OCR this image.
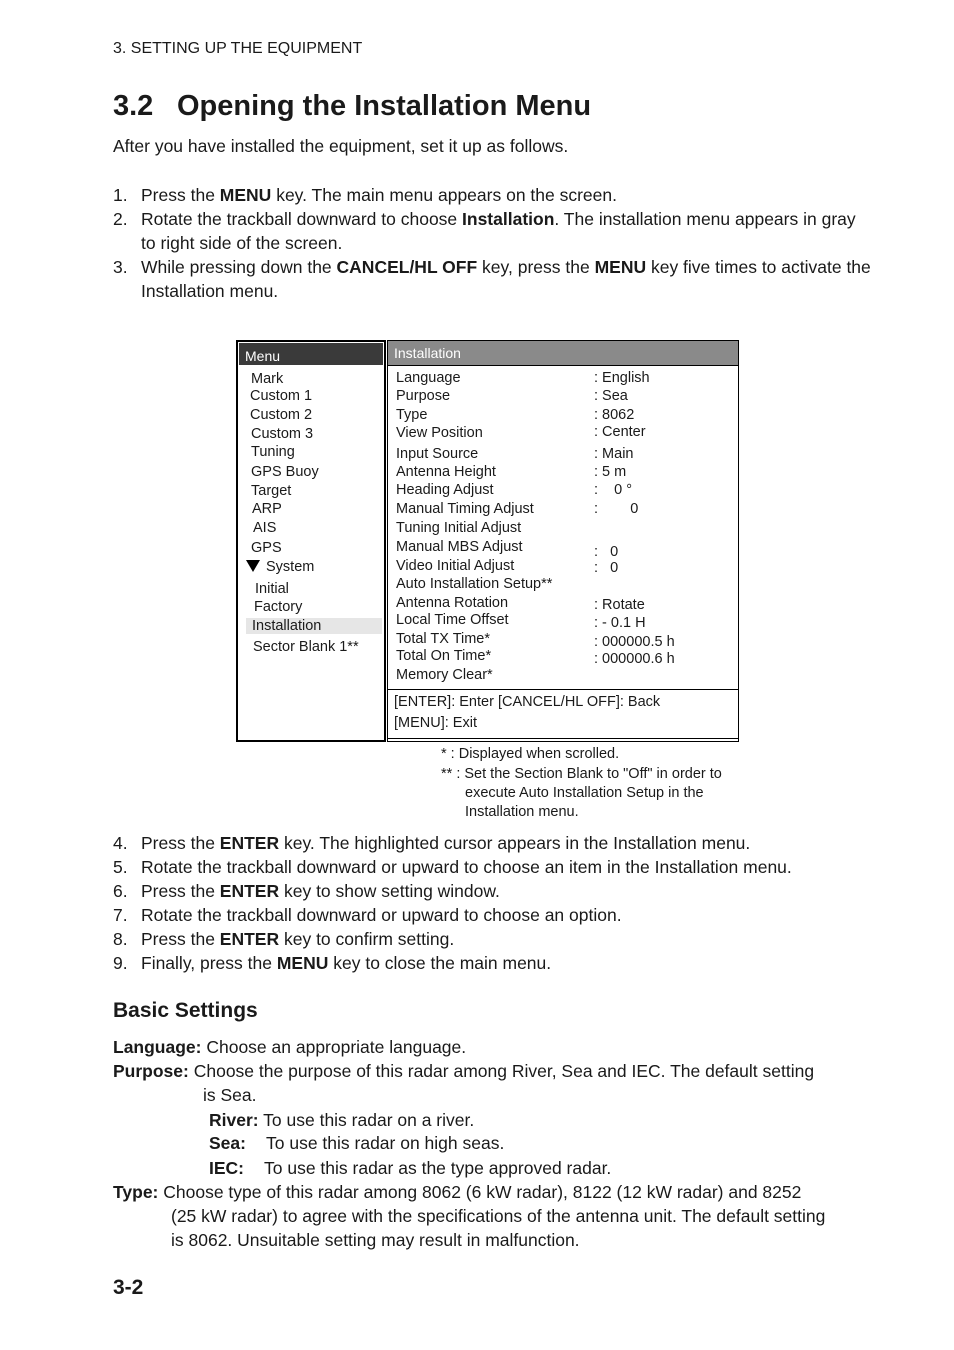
3. SETTING UP THE EQUIPMENT
3.2 Opening the Installation Menu
After you have installed the equipment, set it up as follows.
1. Press the MENU key. The main menu appears on the screen.
2. Rotate the trackball downward to choose Installation. The installation menu appears in gray to right side of the screen.
3. While pressing down the CANCEL/HL OFF key, press the MENU key five times to activate the Installation menu.
Menu
Mark
Custom 1
Custom 2
Custom 3
Tuning
GPS Buoy
Target
ARP
AIS
GPS
System
Initial
Factory
Installation
Sector Blank 1**
Installation
Language	: English
Purpose	: Sea
Type	: 8062
View Position	: Center
Input Source	: Main
Antenna Height	: 5 m
Heading Adjust	:    0 °
Manual Timing Adjust	:        0
Tuning Initial Adjust
Manual MBS Adjust	:   0
Video Initial Adjust	:   0
Auto Installation Setup**
Antenna Rotation	: Rotate
Local Time Offset	: - 0.1 H
Total TX Time*	: 000000.5 h
Total On Time*	: 000000.6 h
Memory Clear*
[ENTER]: Enter [CANCEL/HL OFF]: Back
[MENU]: Exit
* : Displayed when scrolled.
** : Set the Section Blank to "Off" in order to
execute Auto Installation Setup in the
Installation menu.
4. Press the ENTER key. The highlighted cursor appears in the Installation menu.
5. Rotate the trackball downward or upward to choose an item in the Installation menu.
6. Press the ENTER key to show setting window.
7. Rotate the trackball downward or upward to choose an option.
8. Press the ENTER key to confirm setting.
9. Finally, press the MENU key to close the main menu.
Basic Settings
Language: Choose an appropriate language.
Purpose: Choose the purpose of this radar among River, Sea and IEC. The default setting
is Sea.
River: To use this radar on a river.
Sea: To use this radar on high seas.
IEC: To use this radar as the type approved radar.
Type: Choose type of this radar among 8062 (6 kW radar), 8122 (12 kW radar) and 8252
(25 kW radar) to agree with the specifications of the antenna unit. The default setting
is 8062. Unsuitable setting may result in malfunction.
3-2
